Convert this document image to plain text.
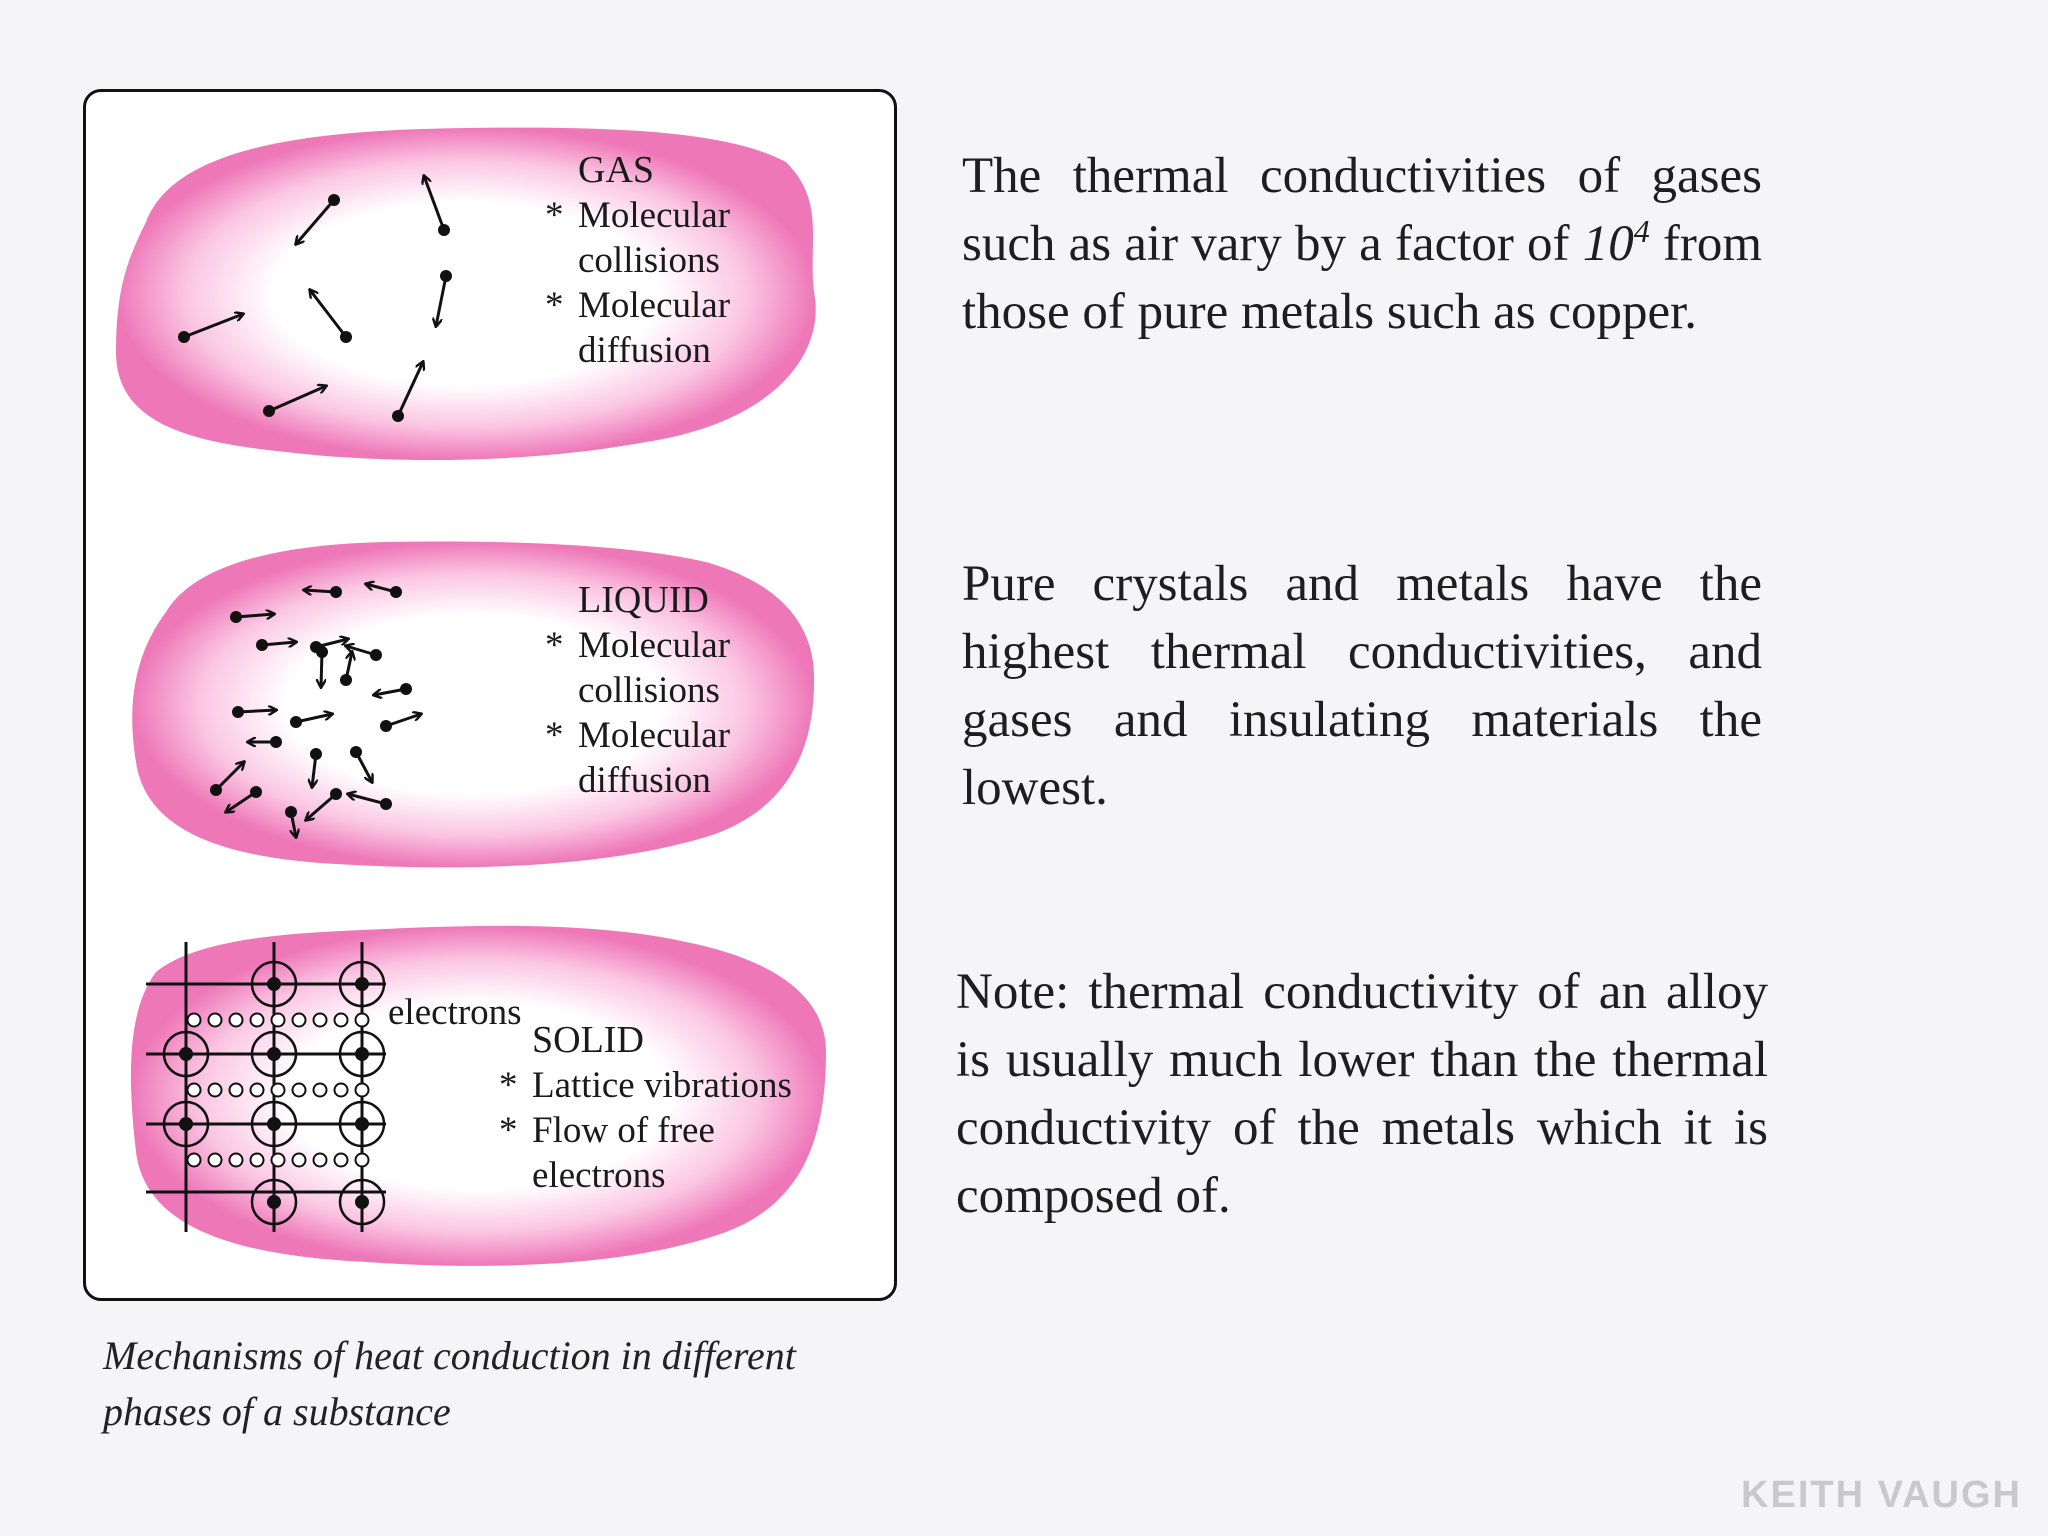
GAS
* Molecular
collisions
* Molecular
diffusion
LIQUID
* Molecular
collisions
* Molecular
diffusion
electrons
SOLID
* Lattice vibrations
* Flow of free
electrons
Mechanisms of heat conduction in different
phases of a substance
The thermal conductivities of gases such as air vary by a factor of $10^4$ from those of pure metals such as copper.
Pure crystals and metals have the highest thermal conductivities, and gases and insulating materials the lowest.
Note: thermal conductivity of an alloy is usually much lower than the thermal conductivity of the metals which it is composed of.
KEITH VAUGH
